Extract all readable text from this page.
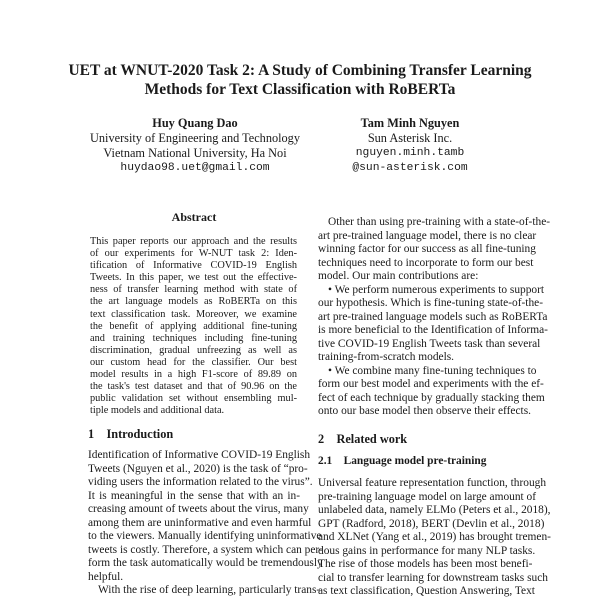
UET at WNUT-2020 Task 2: A Study of Combining Transfer Learning
Methods for Text Classification with RoBERTa
Huy Quang Dao
University of Engineering and Technology
Vietnam National University, Ha Noi
huydao98.uet@gmail.com
Tam Minh Nguyen
Sun Asterisk Inc.
nguyen.minh.tamb
@sun-asterisk.com
Abstract
This paper reports our approach and the results
of our experiments for W-NUT task 2: Iden-
tification of Informative COVID-19 English
Tweets. In this paper, we test out the effective-
ness of transfer learning method with state of
the art language models as RoBERTa on this
text classification task. Moreover, we examine
the benefit of applying additional fine-tuning
and training techniques including fine-tuning
discrimination, gradual unfreezing as well as
our custom head for the classifier. Our best
model results in a high F1-score of 89.89 on
the task's test dataset and that of 90.96 on the
public validation set without ensembling mul-
tiple models and additional data.
1 Introduction
Identification of Informative COVID-19 English
Tweets (Nguyen et al., 2020) is the task of “pro-
viding users the information related to the virus”.
It is meaningful in the sense that with an in-
creasing amount of tweets about the virus, many
among them are uninformative and even harmful
to the viewers. Manually identifying uninformative
tweets is costly. Therefore, a system which can per-
form the task automatically would be tremendously
helpful.
With the rise of deep learning, particularly trans-
Other than using pre-training with a state-of-the-
art pre-trained language model, there is no clear
winning factor for our success as all fine-tuning
techniques need to incorporate to form our best
model. Our main contributions are:
• We perform numerous experiments to support
our hypothesis. Which is fine-tuning state-of-the-
art pre-trained language models such as RoBERTa
is more beneficial to the Identification of Informa-
tive COVID-19 English Tweets task than several
training-from-scratch models.
• We combine many fine-tuning techniques to
form our best model and experiments with the ef-
fect of each technique by gradually stacking them
onto our base model then observe their effects.
2 Related work
2.1 Language model pre-training
Universal feature representation function, through
pre-training language model on large amount of
unlabeled data, namely ELMo (Peters et al., 2018),
GPT (Radford, 2018), BERT (Devlin et al., 2018)
and XLNet (Yang et al., 2019) has brought tremen-
dous gains in performance for many NLP tasks.
The rise of those models has been most benefi-
cial to transfer learning for downstream tasks such
as text classification, Question Answering, Text
